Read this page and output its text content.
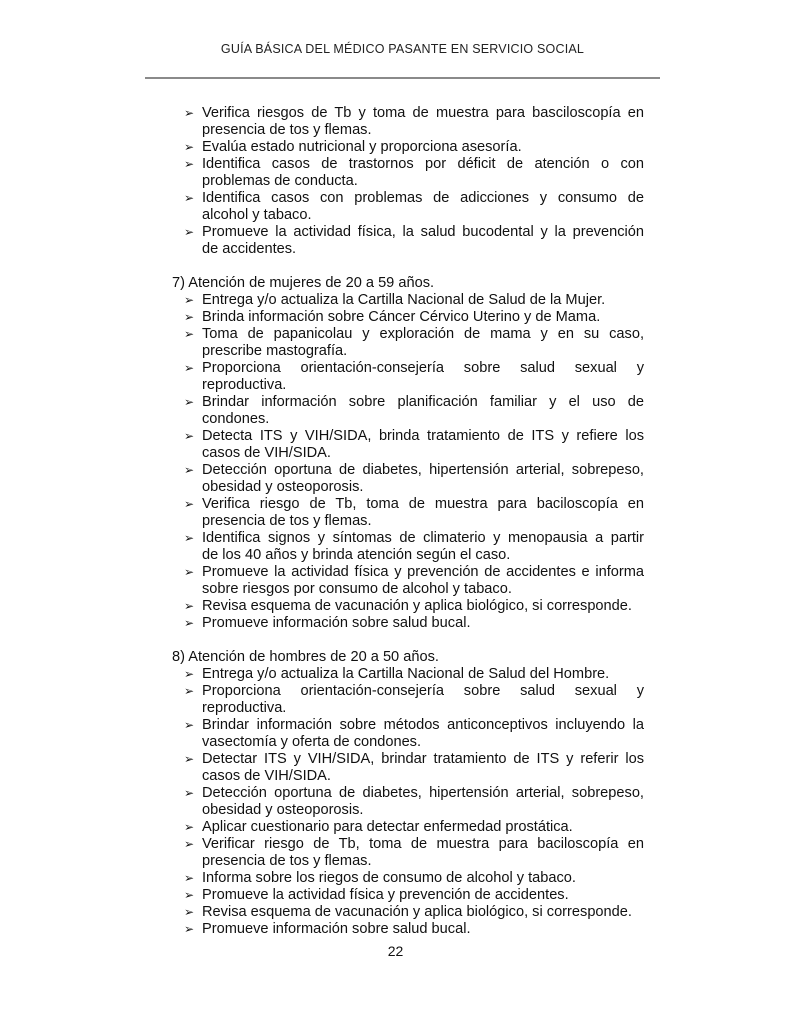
GUÍA BÁSICA DEL MÉDICO PASANTE EN SERVICIO SOCIAL
➢ Verifica riesgos de Tb y toma de muestra para basciloscopía en
presencia de tos y flemas.
➢ Evalúa estado nutricional y proporciona asesoría.
➢ Identifica casos de trastornos por déficit de atención o con
problemas de conducta.
➢ Identifica casos con problemas de adicciones y consumo de
alcohol y tabaco.
➢ Promueve la actividad física, la salud bucodental y la prevención
de accidentes.
7) Atención de mujeres de 20 a 59 años.
➢ Entrega y/o actualiza la Cartilla Nacional de Salud de la Mujer.
➢ Brinda información sobre Cáncer Cérvico Uterino y de Mama.
➢ Toma de papanicolau y exploración de mama y en su caso,
prescribe mastografía.
➢ Proporciona orientación-consejería sobre salud sexual y
reproductiva.
➢ Brindar información sobre planificación familiar y el uso de
condones.
➢ Detecta ITS y VIH/SIDA, brinda tratamiento de ITS y refiere los
casos de VIH/SIDA.
➢ Detección oportuna de diabetes, hipertensión arterial, sobrepeso,
obesidad y osteoporosis.
➢ Verifica riesgo de Tb, toma de muestra para baciloscopía en
presencia de tos y flemas.
➢ Identifica signos y síntomas de climaterio y menopausia a partir
de los 40 años y brinda atención según el caso.
➢ Promueve la actividad física y prevención de accidentes e informa
sobre riesgos por consumo de alcohol y tabaco.
➢ Revisa esquema de vacunación y aplica biológico, si corresponde.
➢ Promueve información sobre salud bucal.
8) Atención de hombres de 20 a 50 años.
➢ Entrega y/o actualiza la Cartilla Nacional de Salud del Hombre.
➢ Proporciona orientación-consejería sobre salud sexual y
reproductiva.
➢ Brindar información sobre métodos anticonceptivos incluyendo la
vasectomía y oferta de condones.
➢ Detectar ITS y VIH/SIDA, brindar tratamiento de ITS y referir los
casos de VIH/SIDA.
➢ Detección oportuna de diabetes, hipertensión arterial, sobrepeso,
obesidad y osteoporosis.
➢ Aplicar cuestionario para detectar enfermedad prostática.
➢ Verificar riesgo de Tb, toma de muestra para baciloscopía en
presencia de tos y flemas.
➢ Informa sobre los riegos de consumo de alcohol y tabaco.
➢ Promueve la actividad física y prevención de accidentes.
➢ Revisa esquema de vacunación y aplica biológico, si corresponde.
➢ Promueve información sobre salud bucal.
22
